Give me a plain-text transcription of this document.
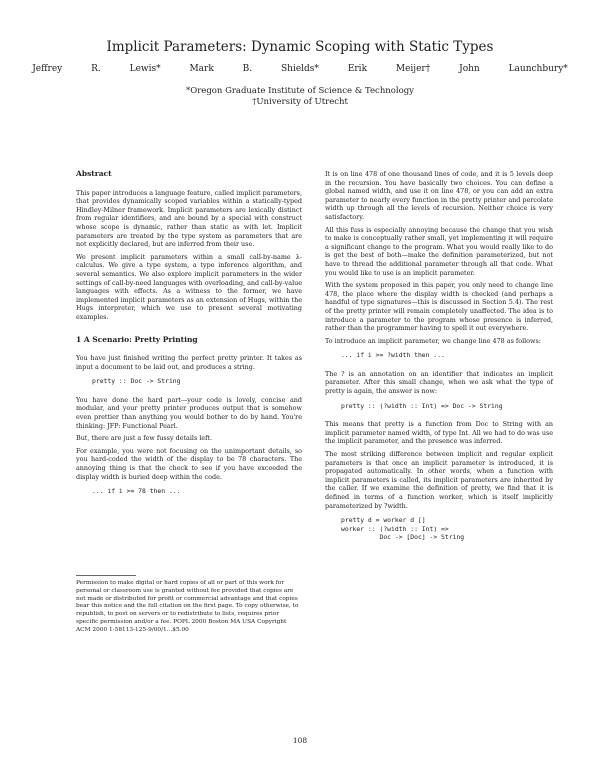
Implicit Parameters: Dynamic Scoping with Static Types
Jeffrey R. Lewis*	Mark B. Shields*	Erik Meijer†	John Launchbury*
*Oregon Graduate Institute of Science & Technology
†University of Utrecht
Abstract

This paper introduces a language feature, called implicit parameters, that provides dynamically scoped variables within a statically-typed Hindley-Milner framework. Implicit parameters are lexically distinct from regular identifiers, and are bound by a special with construct whose scope is dynamic, rather than static as with let. Implicit parameters are treated by the type system as parameters that are not explicitly declared, but are inferred from their use.

We present implicit parameters within a small call-by-name λ-calculus. We give a type system, a type inference algorithm, and several semantics. We also explore implicit parameters in the wider settings of call-by-need languages with overloading, and call-by-value languages with effects. As a witness to the former, we have implemented implicit parameters as an extension of Hugs, within the Hugs interpreter, which we use to present several motivating examples.

1 A Scenario: Pretty Printing

You have just finished writing the perfect pretty printer. It takes as input a document to be laid out, and produces a string.

pretty :: Doc -> String

You have done the hard part—your code is lovely, concise and modular, and your pretty printer produces output that is somehow even prettier than anything you would bother to do by hand. You're thinking: JFP: Functional Pearl.

But, there are just a few fussy details left.

For example, you were not focusing on the unimportant details, so you hard-coded the width of the display to be 78 characters. The annoying thing is that the check to see if you have exceeded the display width is buried deep within the code.

... if i >= 78 then ...
Permission to make digital or hard copies of all or part of this work for personal or classroom use is granted without fee provided that copies are not made or distributed for profit or commercial advantage and that copies bear this notice and the full citation on the first page. To copy otherwise, to republish, to post on servers or to redistribute to lists, requires prior specific permission and/or a fee. POPL 2000 Boston MA USA Copyright ACM 2000 1-58113-125-9/00/1...$5.00

It is on line 478 of one thousand lines of code, and it is 5 levels deep in the recursion. You have basically two choices. You can define a global named width, and use it on line 478, or you can add an extra parameter to nearly every function in the pretty printer and percolate width up through all the levels of recursion. Neither choice is very satisfactory.

All this fuss is especially annoying because the change that you wish to make is conceptually rather small, yet implementing it will require a significant change to the program. What you would really like to do is get the best of both—make the definition parameterized, but not have to thread the additional parameter through all that code. What you would like to use is an implicit parameter.

With the system proposed in this paper, you only need to change line 478, the place where the display width is checked (and perhaps a handful of type signatures—this is discussed in Section 5.4). The rest of the pretty printer will remain completely unaffected. The idea is to introduce a parameter to the program whose presence is inferred, rather than the programmer having to spell it out everywhere.

To introduce an implicit parameter, we change line 478 as follows:

... if i >= ?width then ...

The ? is an annotation on an identifier that indicates an implicit parameter. After this small change, when we ask what the type of pretty is again, the answer is now:

pretty :: (?width :: Int) => Doc -> String

This means that pretty is a function from Doc to String with an implicit parameter named width, of type Int. All we had to do was use the implicit parameter, and the presence was inferred.

The most striking difference between implicit and regular explicit parameters is that once an implicit parameter is introduced, it is propagated automatically. In other words, when a function with implicit parameters is called, its implicit parameters are inherited by the caller. If we examine the definition of pretty, we find that it is defined in terms of a function worker, which is itself implicitly parameterized by ?width.

pretty d = worker d []
worker :: (?width :: Int) =>
Doc -> [Doc] -> String
108
